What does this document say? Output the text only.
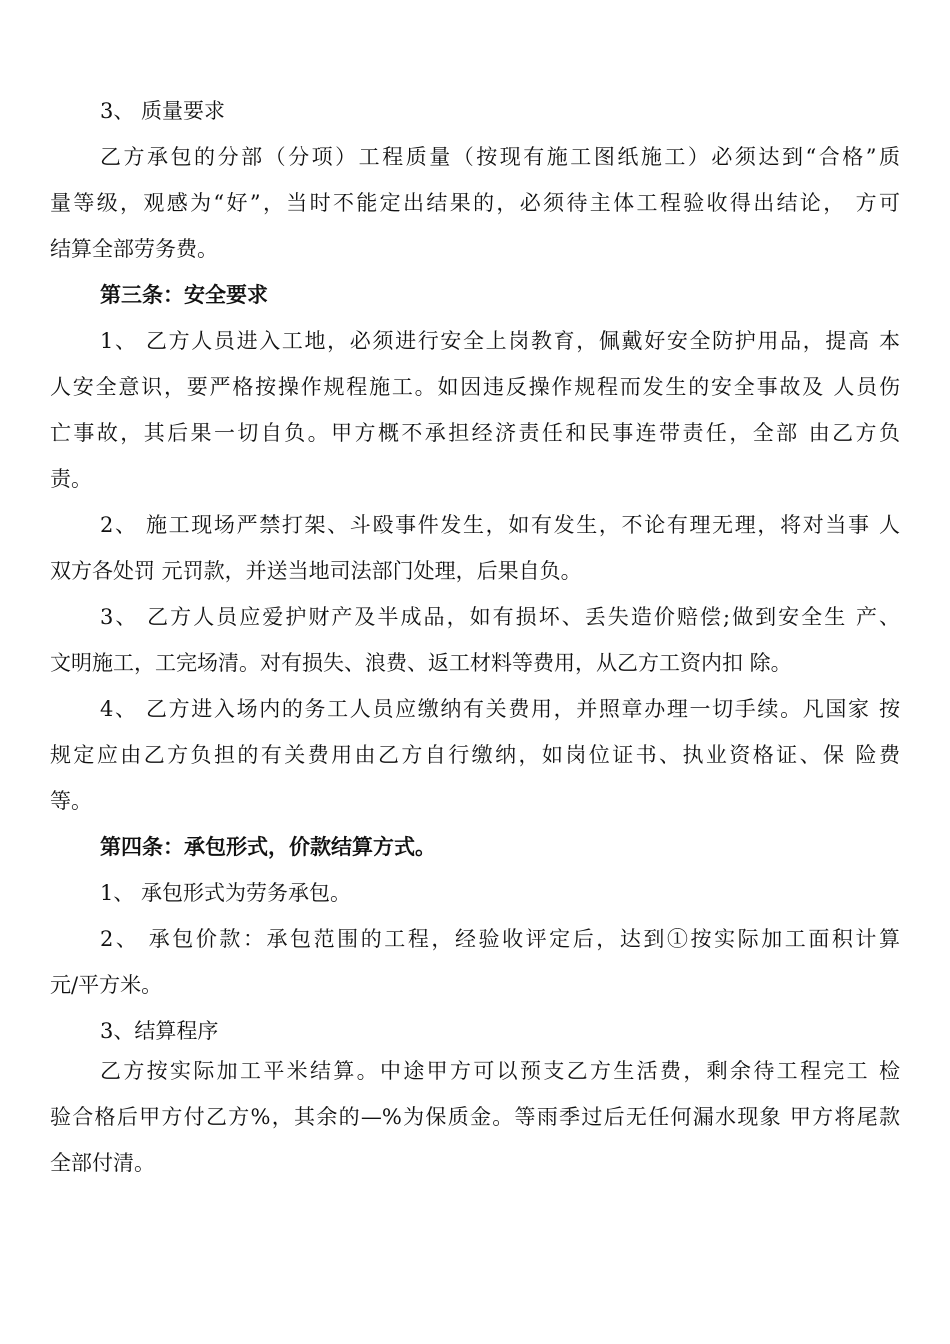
3、 质量要求
乙方承包的分部（分项）工程质量（按现有施工图纸施工）必须达到“合格”质
量等级，观感为“好”，当时不能定出结果的，必须待主体工程验收得出结论， 方可
结算全部劳务费。
第三条：安全要求
1、 乙方人员进入工地，必须进行安全上岗教育，佩戴好安全防护用品，提高 本
人安全意识，要严格按操作规程施工。如因违反操作规程而发生的安全事故及 人员伤
亡事故，其后果一切自负。甲方概不承担经济责任和民事连带责任，全部 由乙方负
责。
2、 施工现场严禁打架、斗殴事件发生，如有发生，不论有理无理，将对当事 人
双方各处罚 元罚款，并送当地司法部门处理，后果自负。
3、 乙方人员应爱护财产及半成品，如有损坏、丢失造价赔偿;做到安全生 产、
文明施工，工完场清。对有损失、浪费、返工材料等费用，从乙方工资内扣 除。
4、 乙方进入场内的务工人员应缴纳有关费用，并照章办理一切手续。凡国家 按
规定应由乙方负担的有关费用由乙方自行缴纳，如岗位证书、执业资格证、保 险费
等。
第四条：承包形式，价款结算方式。
1、 承包形式为劳务承包。
2、 承包价款：承包范围的工程，经验收评定后，达到①按实际加工面积计算
元/平方米。
3、结算程序
乙方按实际加工平米结算。中途甲方可以预支乙方生活费，剩余待工程完工 检
验合格后甲方付乙方%，其余的—%为保质金。等雨季过后无任何漏水现象 甲方将尾款
全部付清。
